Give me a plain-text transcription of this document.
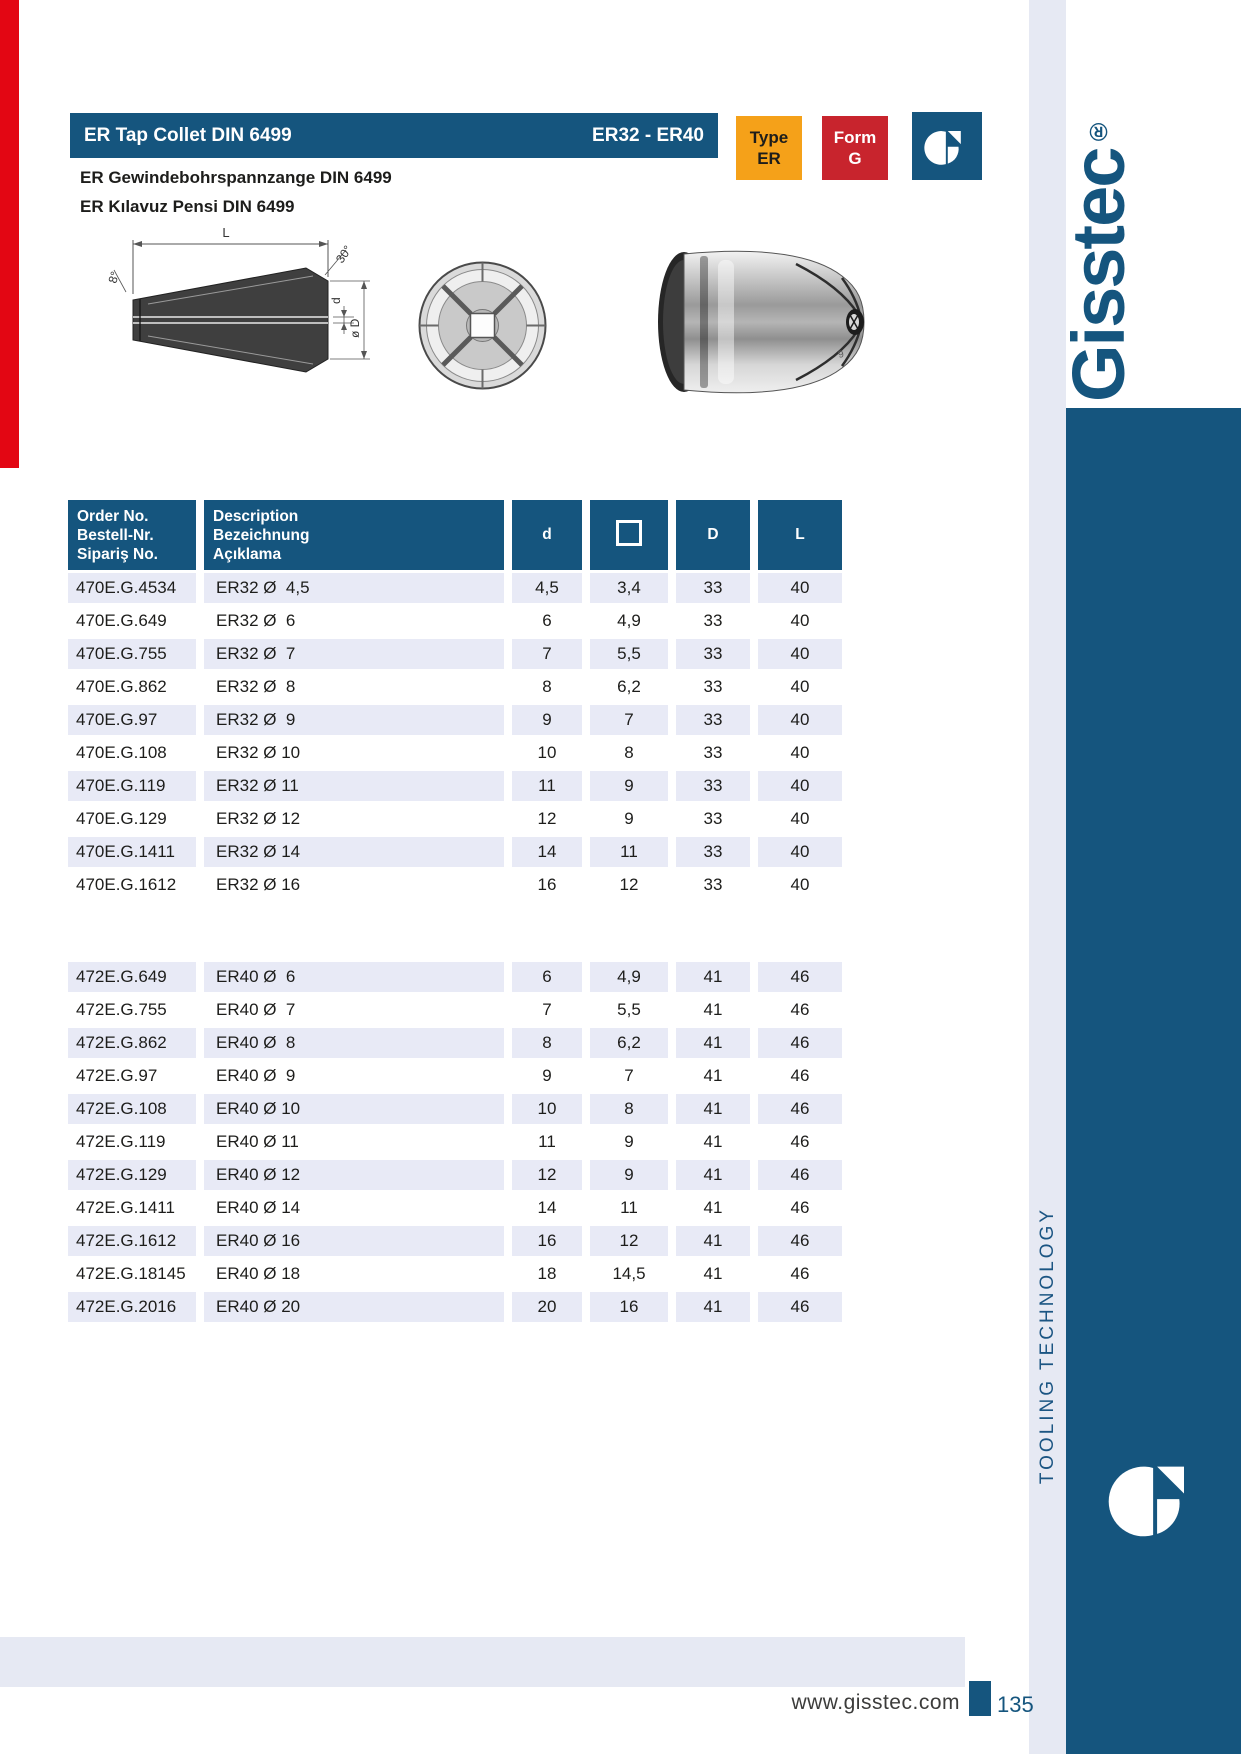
Gisstec
®
TOOLING TECHNOLOGY
ER Tap Collet DIN 6499	ER32 - ER40
ER Gewindebohrspannzange DIN 6499
ER Kılavuz Pensi DIN 6499
Type
ER
Form
G
L
30°
8°
d
ø D
9
Order No.
Bestell-Nr.
Sipariş No.

Description
Bezeichnung
Açıklama
	d		D	L
470E.G.4534	ER32 Ø  4,5	4,5	3,4	33	40
470E.G.649	ER32 Ø  6	6	4,9	33	40
470E.G.755	ER32 Ø  7	7	5,5	33	40
470E.G.862	ER32 Ø  8	8	6,2	33	40
470E.G.97	ER32 Ø  9	9	7	33	40
470E.G.108	ER32 Ø 10	10	8	33	40
470E.G.119	ER32 Ø 11	11	9	33	40
470E.G.129	ER32 Ø 12	12	9	33	40
470E.G.1411	ER32 Ø 14	14	11	33	40
470E.G.1612	ER32 Ø 16	16	12	33	40

472E.G.649	ER40 Ø  6	6	4,9	41	46
472E.G.755	ER40 Ø  7	7	5,5	41	46
472E.G.862	ER40 Ø  8	8	6,2	41	46
472E.G.97	ER40 Ø  9	9	7	41	46
472E.G.108	ER40 Ø 10	10	8	41	46
472E.G.119	ER40 Ø 11	11	9	41	46
472E.G.129	ER40 Ø 12	12	9	41	46
472E.G.1411	ER40 Ø 14	14	11	41	46
472E.G.1612	ER40 Ø 16	16	12	41	46
472E.G.18145	ER40 Ø 18	18	14,5	41	46
472E.G.2016	ER40 Ø 20	20	16	41	46
www.gisstec.com 135
